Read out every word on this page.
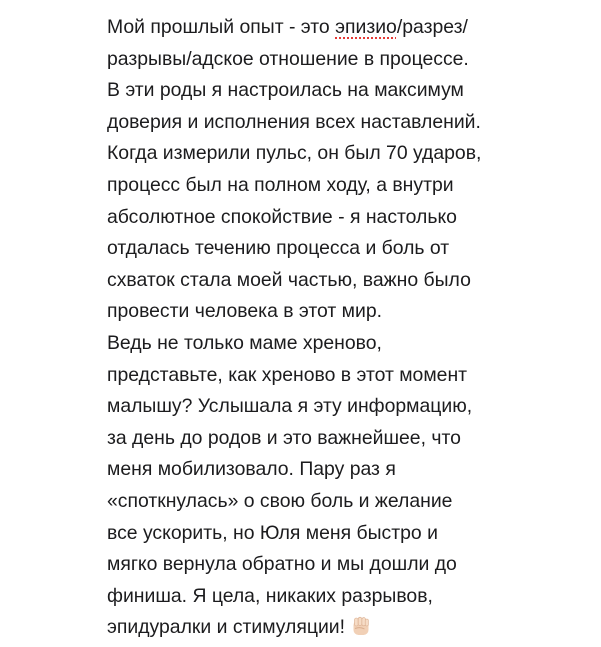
Мой прошлый опыт - это эпизио/разрез/
разрывы/адское отношение в процессе.
В эти роды я настроилась на максимум
доверия и исполнения всех наставлений.
Когда измерили пульс, он был 70 ударов,
процесс был на полном ходу, а внутри
абсолютное спокойствие - я настолько
отдалась течению процесса и боль от
схваток стала моей частью, важно было
провести человека в этот мир.
Ведь не только маме хреново,
представьте, как хреново в этот момент
малышу? Услышала я эту информацию,
за день до родов и это важнейшее, что
меня мобилизовало. Пару раз я
«споткнулась» о свою боль и желание
все ускорить, но Юля меня быстро и
мягко вернула обратно и мы дошли до
финиша. Я цела, никаких разрывов,
эпидуралки и стимуляции!
